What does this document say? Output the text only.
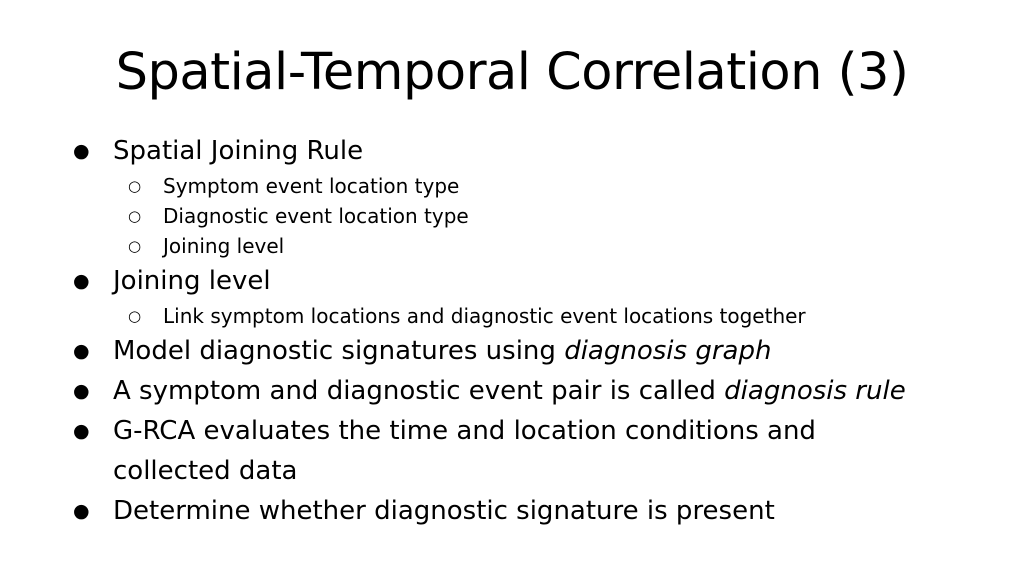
Spatial-Temporal Correlation (3)
● Spatial Joining Rule
○ Symptom event location type
○ Diagnostic event location type
○ Joining level
● Joining level
○ Link symptom locations and diagnostic event locations together
● Model diagnostic signatures using diagnosis graph
● A symptom and diagnostic event pair is called diagnosis rule
● G-RCA evaluates the time and location conditions and collected data
● Determine whether diagnostic signature is present
